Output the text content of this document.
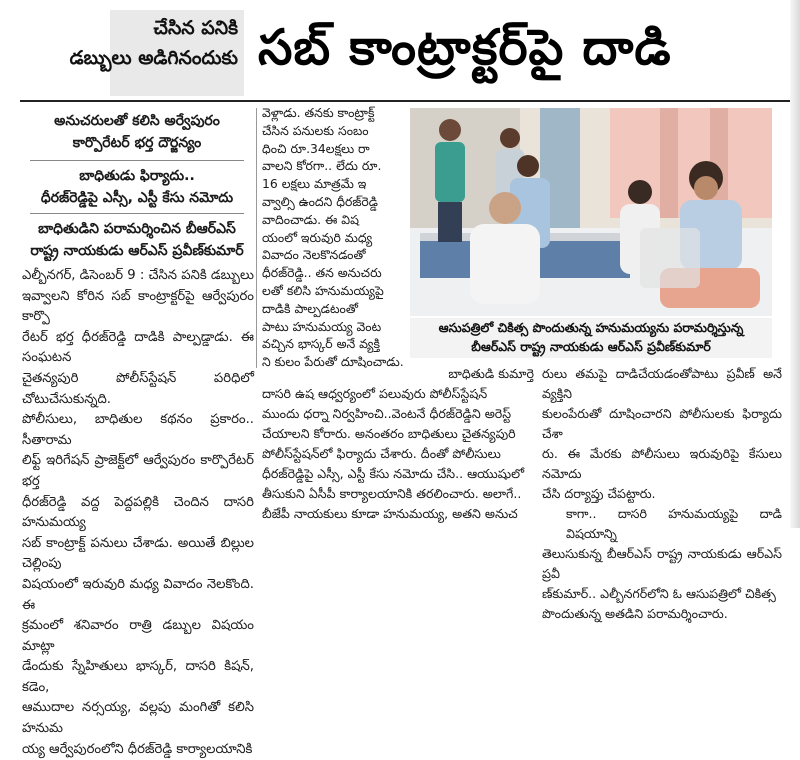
చేసిన పనికి
డబ్బులు అడిగినందుకు సబ్ కాంట్రాక్టర్‌పై దాడి
అనుచరులతో కలిసి అర్వేపురం
కార్పొరేటర్ భర్త దౌర్జన్యం
బాధితుడు ఫిర్యాదు..
ధీరజ్‌రెడ్డిపై ఎస్సీ, ఎస్టీ కేసు నమోదు
బాధితుడిని పరామర్శించిన బీఆర్ఎస్
రాష్ట్ర నాయకుడు ఆర్ఎస్ ప్రవీణ్‌కుమార్
ఎల్బీనగర్, డిసెంబర్ 9 : చేసిన పనికి డబ్బులు
ఇవ్వాలని కోరిన సబ్ కాంట్రాక్టర్‌పై ఆర్వేపురం కార్పొ
రేటర్ భర్త ధీరజ్‌రెడ్డి దాడికి పాల్పడ్డాడు. ఈ సంఘటన
చైతన్యపురి పోలీస్‌స్టేషన్ పరిధిలో చోటుచేసుకున్నది.
పోలీసులు, బాధితుల కథనం ప్రకారం.. సీతారామ
లిఫ్ట్ ఇరిగేషన్ ప్రాజెక్ట్‌లో ఆర్వేపురం కార్పొరేటర్ భర్త
ధీరజ్‌రెడ్డి వద్ద పెద్దపల్లికి చెందిన దాసరి హనుమయ్య
సబ్ కాంట్రాక్ట్ పనులు చేశాడు. అయితే బిల్లుల చెల్లింపు
విషయంలో ఇరువురి మధ్య వివాదం నెలకొంది. ఈ
క్రమంలో శనివారం రాత్రి డబ్బుల విషయం మాట్లా
డేందుకు స్నేహితులు భాస్కర్, దాసరి కిషన్, కడెం,
ఆముదాల నర్సయ్య, వల్లపు మంగితో కలిసి హనుమ
య్య ఆర్వేపురంలోని ధీరజ్‌రెడ్డి కార్యాలయానికి
వెళ్లాడు. తనకు కాంట్రాక్ట్
చేసిన పనులకు సంబం
ధించి రూ.34లక్షలు రా
వాలని కోరగా.. లేదు రూ.
16 లక్షలు మాత్రమే ఇ
వ్వాల్సి ఉందని ధీరజ్‌రెడ్డి
వాదించాడు. ఈ విష
యంలో ఇరువురి మధ్య
వివాదం నెలకొనడంతో
ధీరజ్‌రెడ్డి.. తన అనుచరు
లతో కలిసి హనుమయ్యపై
దాడికి పాల్పడటంతో
పాటు హనుమయ్య వెంట
వచ్చిన భాస్కర్ అనే వ్యక్తి
ని కులం పేరుతో దూషించాడు.
బాధితుడి కుమార్తె
దాసరి ఉష ఆధ్వర్యంలో పలువురు పోలీస్‌స్టేషన్
ముందు ధర్నా నిర్వహించి..వెంటనే ధీరజ్‌రెడ్డిని అరెస్ట్
చేయాలని కోరారు. అనంతరం బాధితులు చైతన్యపురి
పోలీస్‌స్టేషన్‌లో ఫిర్యాదు చేశారు. దీంతో పోలీసులు
ధీరజ్‌రెడ్డిపై ఎస్సీ, ఎస్టీ కేసు నమోదు చేసి.. ఆయుషులో
తీసుకుని ఏసీపీ కార్యాలయానికి తరలించారు. అలాగే..
బీజేపీ నాయకులు కూడా హనుమయ్య, అతని అనుచ
రులు తమపై దాడిచేయడంతోపాటు ప్రవీణ్ అనే వ్యక్తిని
కులంపేరుతో దూషించారని పోలీసులకు ఫిర్యాదు చేశా
రు. ఈ మేరకు పోలీసులు ఇరువురిపై కేసులు నమోదు
చేసి దర్యాప్తు చేపట్టారు.
కాగా.. దాసరి హనుమయ్యపై దాడి విషయాన్ని
తెలుసుకున్న బీఆర్ఎస్ రాష్ట్ర నాయకుడు ఆర్ఎస్ ప్రవీ
ణ్‌కుమార్.. ఎల్బీనగర్‌లోని ఓ ఆసుపత్రిలో చికిత్స
పొందుతున్న అతడిని పరామర్శించారు.
ఆసుపత్రిలో చికిత్స పొందుతున్న హనుమయ్యను పరామర్శిస్తున్న
బీఆర్ఎస్ రాష్ట్ర నాయకుడు ఆర్ఎస్ ప్రవీణ్‌కుమార్
